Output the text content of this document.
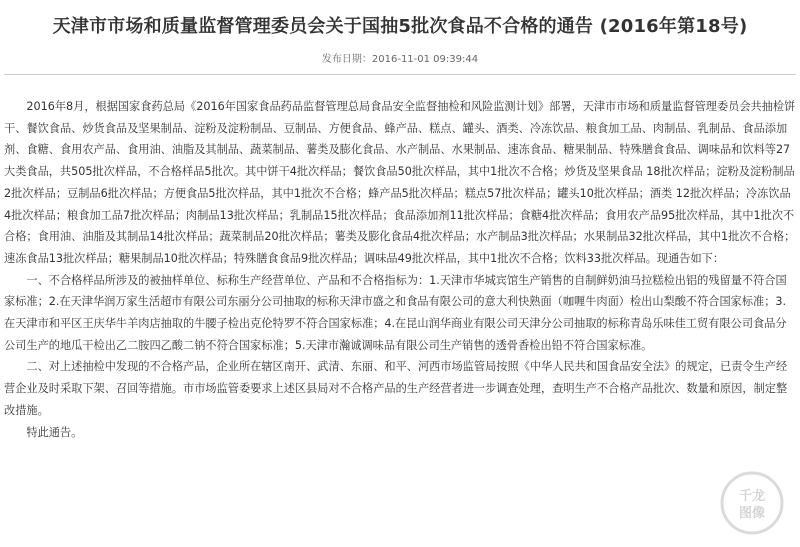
天津市市场和质量监督管理委员会关于国抽5批次食品不合格的通告 (2016年第18号)
发布日期：2016-11-01 09:39:44

2016年8月，根据国家食药总局《2016年国家食品药品监督管理总局食品安全监督抽检和风险监测计划》部署，天津市市场和质量监督管理委员会共抽检饼干、餐饮食品、炒货食品及坚果制品、淀粉及淀粉制品、豆制品、方便食品、蜂产品、糕点、罐头、酒类、冷冻饮品、粮食加工品、肉制品、乳制品、食品添加剂、食糖、食用农产品、食用油、油脂及其制品、蔬菜制品、薯类及膨化食品、水产制品、水果制品、速冻食品、糖果制品、特殊膳食食品、调味品和饮料等27大类食品，共505批次样品，不合格样品5批次。其中饼干4批次样品；餐饮食品50批次样品，其中1批次不合格；炒货及坚果食品 18批次样品；淀粉及淀粉制品2批次样品；豆制品6批次样品；方便食品5批次样品，其中1批次不合格；蜂产品5批次样品；糕点57批次样品；罐头10批次样品；酒类 12批次样品；冷冻饮品4批次样品；粮食加工品7批次样品；肉制品13批次样品；乳制品15批次样品；食品添加剂11批次样品；食糖4批次样品；食用农产品95批次样品，其中1批次不合格；食用油、油脂及其制品14批次样品；蔬菜制品20批次样品；薯类及膨化食品4批次样品；水产制品3批次样品；水果制品32批次样品，其中1批次不合格；速冻食品13批次样品；糖果制品10批次样品；特殊膳食食品9批次样品；调味品49批次样品，其中1批次不合格；饮料33批次样品。现通告如下：

一、不合格样品所涉及的被抽样单位、标称生产经营单位、产品和不合格指标为：1.天津市华城宾馆生产销售的自制鲜奶油马拉糕检出铝的残留量不符合国家标准；2.在天津华润万家生活超市有限公司东丽分公司抽取的标称天津市盛之和食品有限公司的意大利快熟面（咖喱牛肉面）检出山梨酸不符合国家标准；3.在天津市和平区王庆华牛羊肉店抽取的牛腰子检出克伦特罗不符合国家标准；4.在昆山润华商业有限公司天津分公司抽取的标称青岛乐味佳工贸有限公司食品分公司生产的地瓜干检出乙二胺四乙酸二钠不符合国家标准；5.天津市瀚诚调味品有限公司生产销售的透骨香检出铅不符合国家标准。

二、对上述抽检中发现的不合格产品，企业所在辖区南开、武清、东丽、和平、河西市场监管局按照《中华人民共和国食品安全法》的规定，已责令生产经营企业及时采取下架、召回等措施。市市场监管委要求上述区县局对不合格产品的生产经营者进一步调查处理，查明生产不合格产品批次、数量和原因，制定整改措施。

特此通告。

千龙
图像
